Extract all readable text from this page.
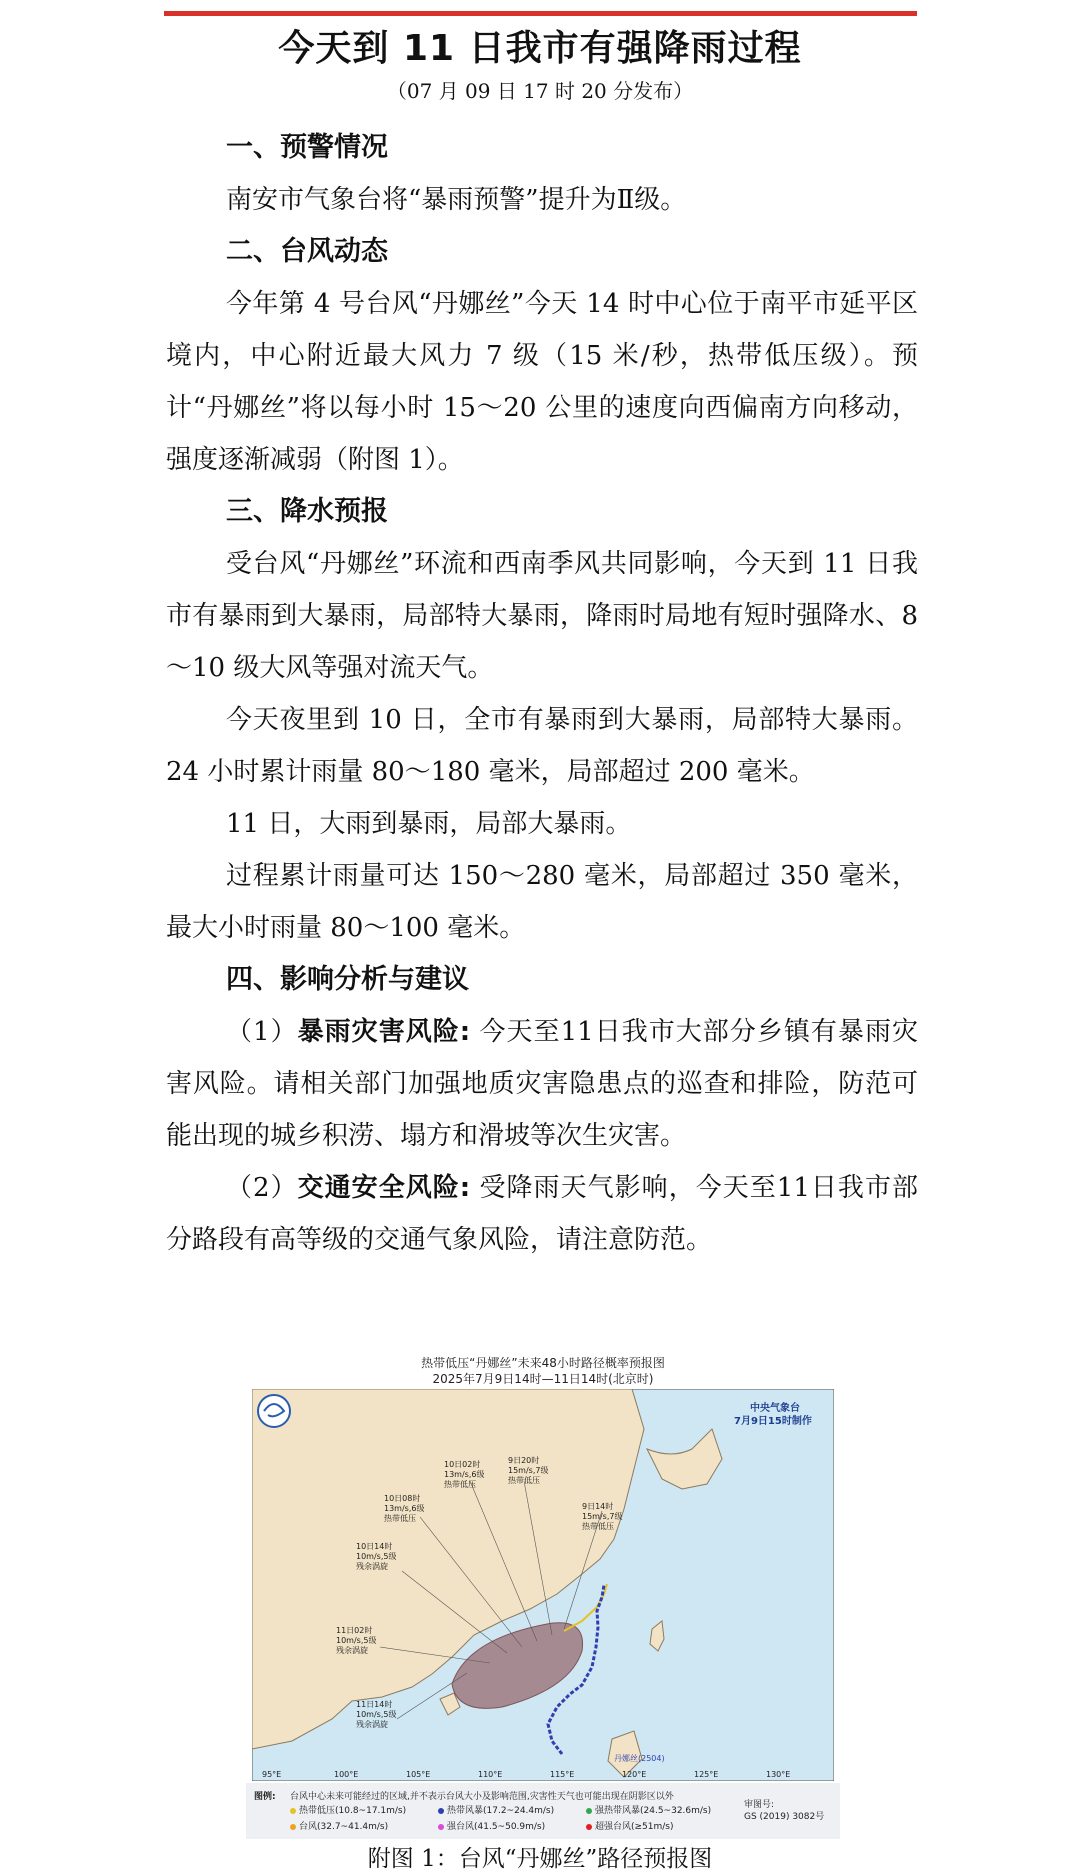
今天到 11 日我市有强降雨过程
（07 月 09 日 17 时 20 分发布）

一、预警情况

南安市气象台将“暴雨预警”提升为Ⅱ级。

二、台风动态

今年第 4 号台风“丹娜丝”今天 14 时中心位于南平市延平区境内，中心附近最大风力 7 级（15 米/秒，热带低压级）。预计“丹娜丝”将以每小时 15～20 公里的速度向西偏南方向移动，强度逐渐减弱（附图 1）。

三、降水预报

受台风“丹娜丝”环流和西南季风共同影响，今天到 11 日我市有暴雨到大暴雨，局部特大暴雨，降雨时局地有短时强降水、8～10 级大风等强对流天气。

今天夜里到 10 日，全市有暴雨到大暴雨，局部特大暴雨。24 小时累计雨量 80～180 毫米，局部超过 200 毫米。

11 日，大雨到暴雨，局部大暴雨。

过程累计雨量可达 150～280 毫米，局部超过 350 毫米，最大小时雨量 80～100 毫米。

四、影响分析与建议

（1）暴雨灾害风险: 今天至11日我市大部分乡镇有暴雨灾害风险。请相关部门加强地质灾害隐患点的巡查和排险，防范可能出现的城乡积涝、塌方和滑坡等次生灾害。

（2）交通安全风险: 受降雨天气影响，今天至11日我市部分路段有高等级的交通气象风险，请注意防范。

热带低压“丹娜丝”未来48小时路径概率预报图
2025年7月9日14时—11日14时(北京时)
9日14时
15m/s,7级
热带低压
9日20时
15m/s,7级
热带低压
10日02时
13m/s,6级
热带低压
10日08时
13m/s,6级
热带低压
10日14时
10m/s,5级
残余涡旋
11日02时
10m/s,5级
残余涡旋
11日14时
10m/s,5级
残余涡旋
丹娜丝(2504)
中央气象台
7月9日15时制作
95°E	100°E	105°E	110°E	115°E	120°E	125°E	130°E
图例: 台风中心未来可能经过的区域,并不表示台风大小及影响范围,灾害性天气也可能出现在阴影区以外
热带低压(10.8~17.1m/s)	热带风暴(17.2~24.4m/s)	强热带风暴(24.5~32.6m/s)
台风(32.7~41.4m/s)	强台风(41.5~50.9m/s)	超强台风(≥51m/s)
审图号:
GS (2019) 3082号
附图 1：台风“丹娜丝”路径预报图
